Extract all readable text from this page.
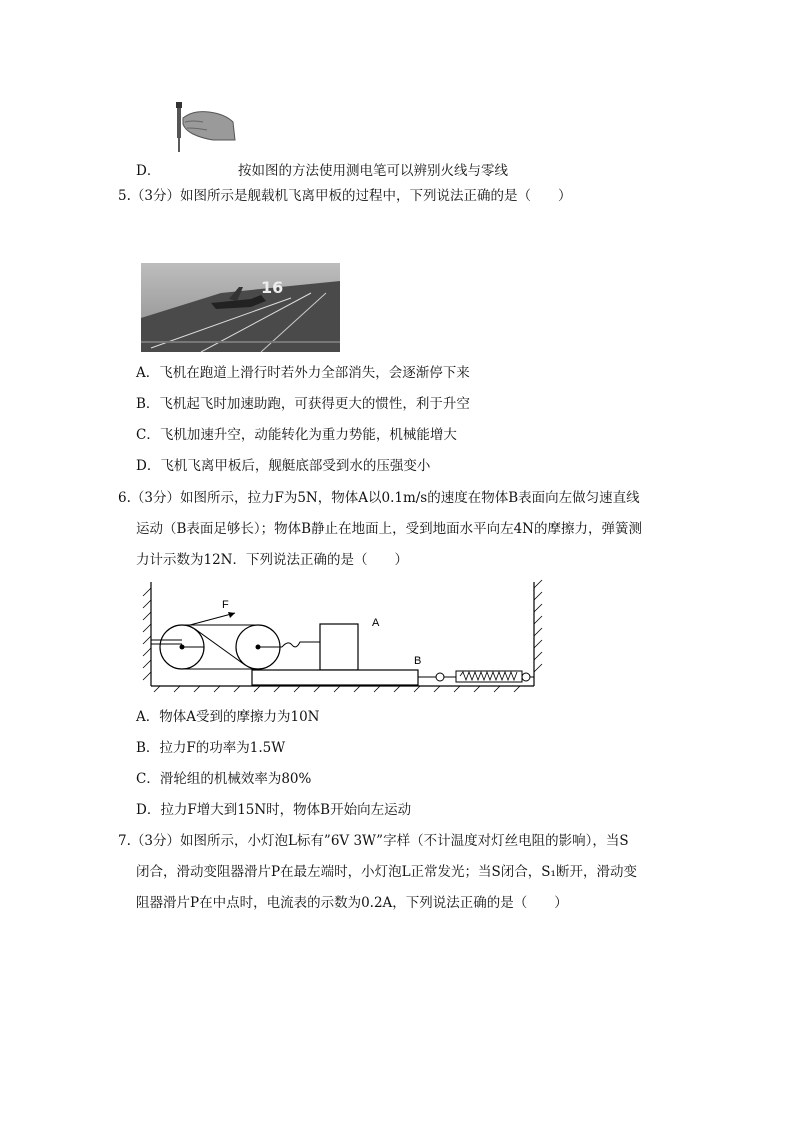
D．	按如图的方法使用测电笔可以辨别火线与零线
5.（3分）如图所示是舰载机飞离甲板的过程中，下列说法正确的是（　　）
16
A．飞机在跑道上滑行时若外力全部消失，会逐渐停下来
B．飞机起飞时加速助跑，可获得更大的惯性，利于升空
C．飞机加速升空，动能转化为重力势能，机械能增大
D．飞机飞离甲板后，舰艇底部受到水的压强变小
6.（3分）如图所示，拉力F为5N，物体A以0.1m/s的速度在物体B表面向左做匀速直线
运动（B表面足够长）；物体B静止在地面上，受到地面水平向左4N的摩擦力，弹簧测
力计示数为12N．下列说法正确的是（　　）
F
A
B
A．物体A受到的摩擦力为10N
B．拉力F的功率为1.5W
C．滑轮组的机械效率为80%
D．拉力F增大到15N时，物体B开始向左运动
7.（3分）如图所示，小灯泡L标有”6V 3W”字样（不计温度对灯丝电阻的影响），当S
闭合，滑动变阻器滑片P在最左端时，小灯泡L正常发光；当S闭合，S₁断开，滑动变
阻器滑片P在中点时，电流表的示数为0.2A，下列说法正确的是（　　）
